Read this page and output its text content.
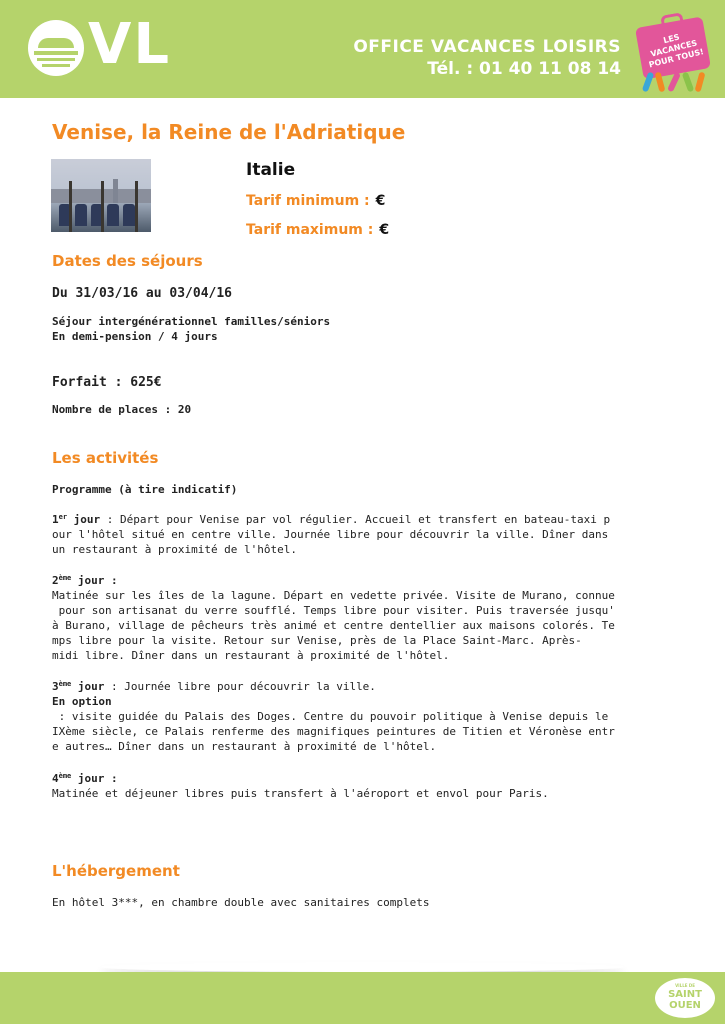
VL	OFFICE VACANCES LOISIRS
Tél. : 01 40 11 08 14
LES VACANCES POUR TOUS!
Venise, la Reine de l'Adriatique
Italie
Tarif minimum : €
Tarif maximum : €
Dates des séjours
Du 31/03/16 au 03/04/16
Séjour intergénérationnel familles/séniors
En demi-pension / 4 jours
Forfait : 625€
Nombre de places : 20
Les activités
Programme (à tire indicatif)
1er jour : Départ pour Venise par vol régulier. Accueil et transfert en bateau-taxi p
our l'hôtel situé en centre ville. Journée libre pour découvrir la ville. Dîner dans
un restaurant à proximité de l'hôtel.
2ème jour :
Matinée sur les îles de la lagune. Départ en vedette privée. Visite de Murano, connue
pour son artisanat du verre soufflé. Temps libre pour visiter. Puis traversée jusqu'
à Burano, village de pêcheurs très animé et centre dentellier aux maisons colorés. Te
mps libre pour la visite. Retour sur Venise, près de la Place Saint-Marc. Après-
midi libre. Dîner dans un restaurant à proximité de l'hôtel.
3ème jour : Journée libre pour découvrir la ville.
En option
: visite guidée du Palais des Doges. Centre du pouvoir politique à Venise depuis le
IXème siècle, ce Palais renferme des magnifiques peintures de Titien et Véronèse entr
e autres… Dîner dans un restaurant à proximité de l'hôtel.
4ème jour :
Matinée et déjeuner libres puis transfert à l'aéroport et envol pour Paris.
L'hébergement
En hôtel 3***, en chambre double avec sanitaires complets
VILLE DE
SAINT
OUEN
